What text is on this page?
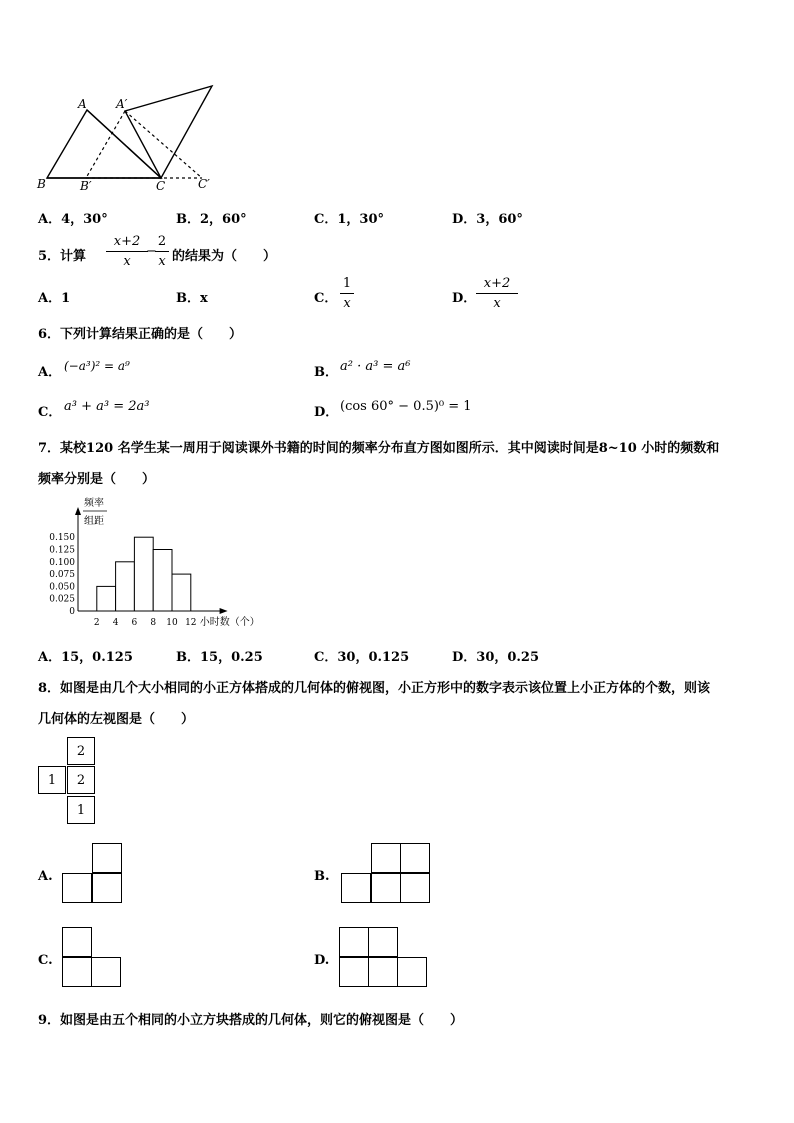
A A′
B	B′	C	C′
A．4，30°	B．2，60°	C．1，30°	D．3，60°
5．计算
x+2
x
−
2
x 的结果为（　　）
A．1	B．x	C．
1
x	D．
x+2
x
6．下列计算结果正确的是（　　）
A． (−a³)² = a⁹	B． a² · a³ = a⁶
C． a³ + a³ = 2a³	D． (cos 60° − 0.5)⁰ = 1
7．某校120 名学生某一周用于阅读课外书籍的时间的频率分布直方图如图所示．其中阅读时间是8~10 小时的频数和
频率分别是（　　）
频率
组距
0.025
0.050
0.075
0.100
0.125
0.150
0
2 4 6 8 10 12 小时数（个）
A．15，0.125	B．15，0.25	C．30，0.125	D．30，0.25
8．如图是由几个大小相同的小正方体搭成的几何体的俯视图，小正方形中的数字表示该位置上小正方体的个数，则该
几何体的左视图是（　　）
2
1	2
1
A.	B.
C.	D.
9．如图是由五个相同的小立方块搭成的几何体，则它的俯视图是（　　）
